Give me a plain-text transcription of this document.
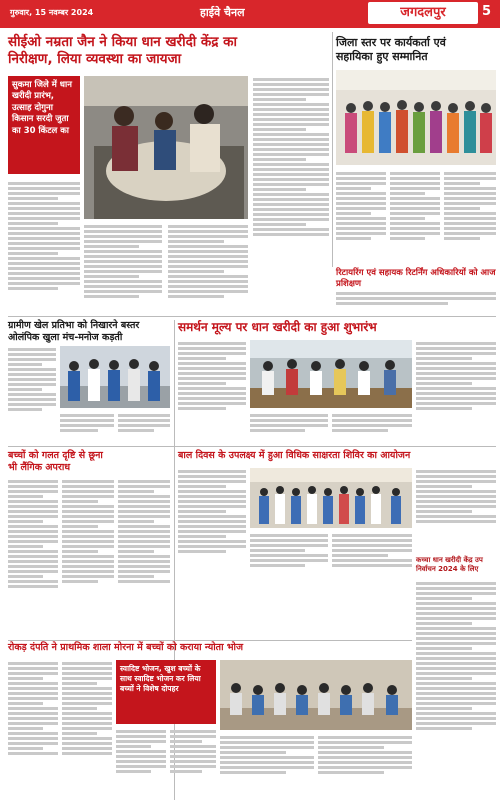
गुरुवार, 15 नवम्बर 2024	हाईवे चैनल	जगदलपुर	5
सीईओ नम्रता जैन ने किया धान खरीदी केंद्र का
निरीक्षण, लिया व्यवस्था का जायजा
सुकमा जिले में धान खरीदी प्रारंभ, उत्साह दोगुना किसान सरदी जुता का 30 किंटल का
जिला स्तर पर कार्यकर्ता एवं
सहायिका हुए सम्मानित
रिटायरिंग एवं सहायक रिटर्निंग अधिकारियों को आज प्रशिक्षण
ग्रामीण खेल प्रतिभा को निखारने बस्तर
ओलंपिक खुला मंच-मनोज कड़ती
समर्थन मूल्य पर धान खरीदी का हुआ शुभारंभ
बच्चों को गलत दृष्टि से छूना
भी लैंगिक अपराध
बाल दिवस के उपलक्ष्य में हुआ विधिक साक्षरता शिविर का आयोजन
कच्चा धान खरीदी केंद्र उप निर्वाचन 2024 के लिए
रोकड़ दंपति ने प्राथमिक शाला मोरना में बच्चों को कराया न्योता भोज
स्वादिष्ट भोजन, खुश बच्चों के साथ स्वादिष्ट भोजन कर लिया बच्चों ने विशेष दोपहर
